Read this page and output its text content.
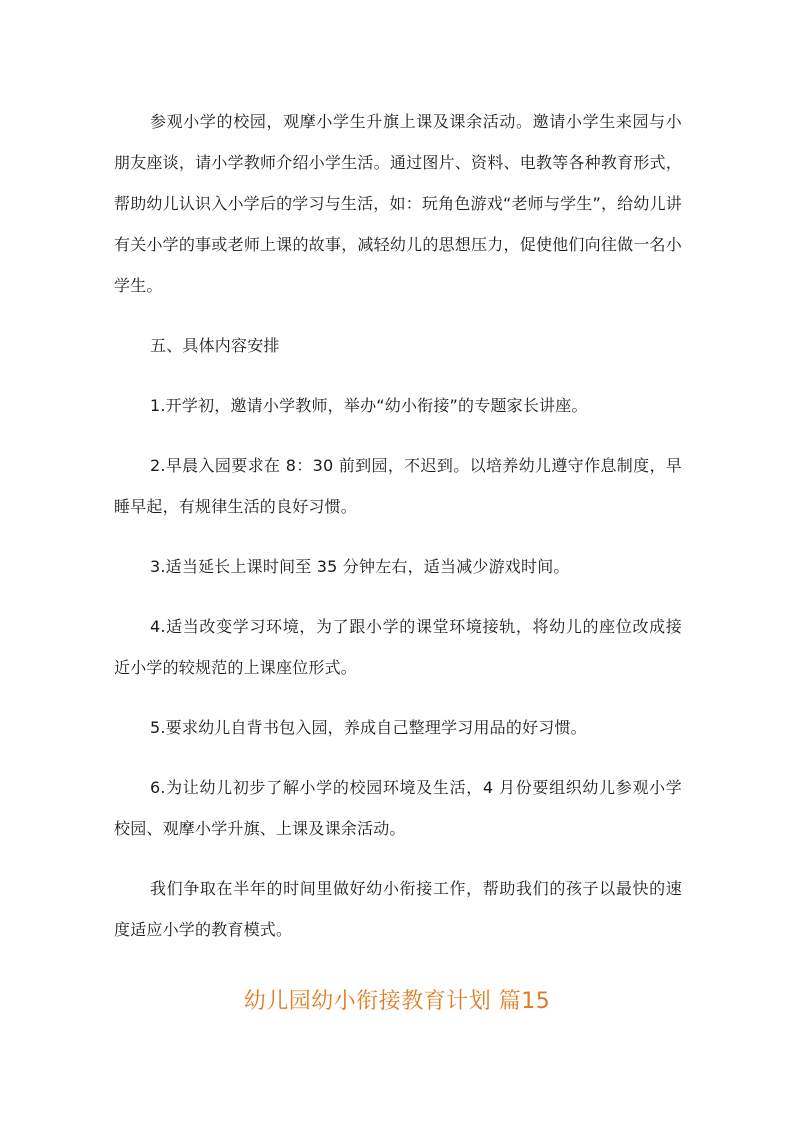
参观小学的校园，观摩小学生升旗上课及课余活动。邀请小学生来园与小朋友座谈，请小学教师介绍小学生活。通过图片、资料、电教等各种教育形式，帮助幼儿认识入小学后的学习与生活，如：玩角色游戏“老师与学生”，给幼儿讲有关小学的事或老师上课的故事，减轻幼儿的思想压力，促使他们向往做一名小学生。

五、具体内容安排

1.开学初，邀请小学教师，举办“幼小衔接”的专题家长讲座。

2.早晨入园要求在 8：30 前到园，不迟到。以培养幼儿遵守作息制度，早睡早起，有规律生活的良好习惯。

3.适当延长上课时间至 35 分钟左右，适当减少游戏时间。

4.适当改变学习环境，为了跟小学的课堂环境接轨，将幼儿的座位改成接近小学的较规范的上课座位形式。

5.要求幼儿自背书包入园，养成自己整理学习用品的好习惯。

6.为让幼儿初步了解小学的校园环境及生活，4 月份要组织幼儿参观小学校园、观摩小学升旗、上课及课余活动。

我们争取在半年的时间里做好幼小衔接工作，帮助我们的孩子以最快的速度适应小学的教育模式。

幼儿园幼小衔接教育计划 篇15
